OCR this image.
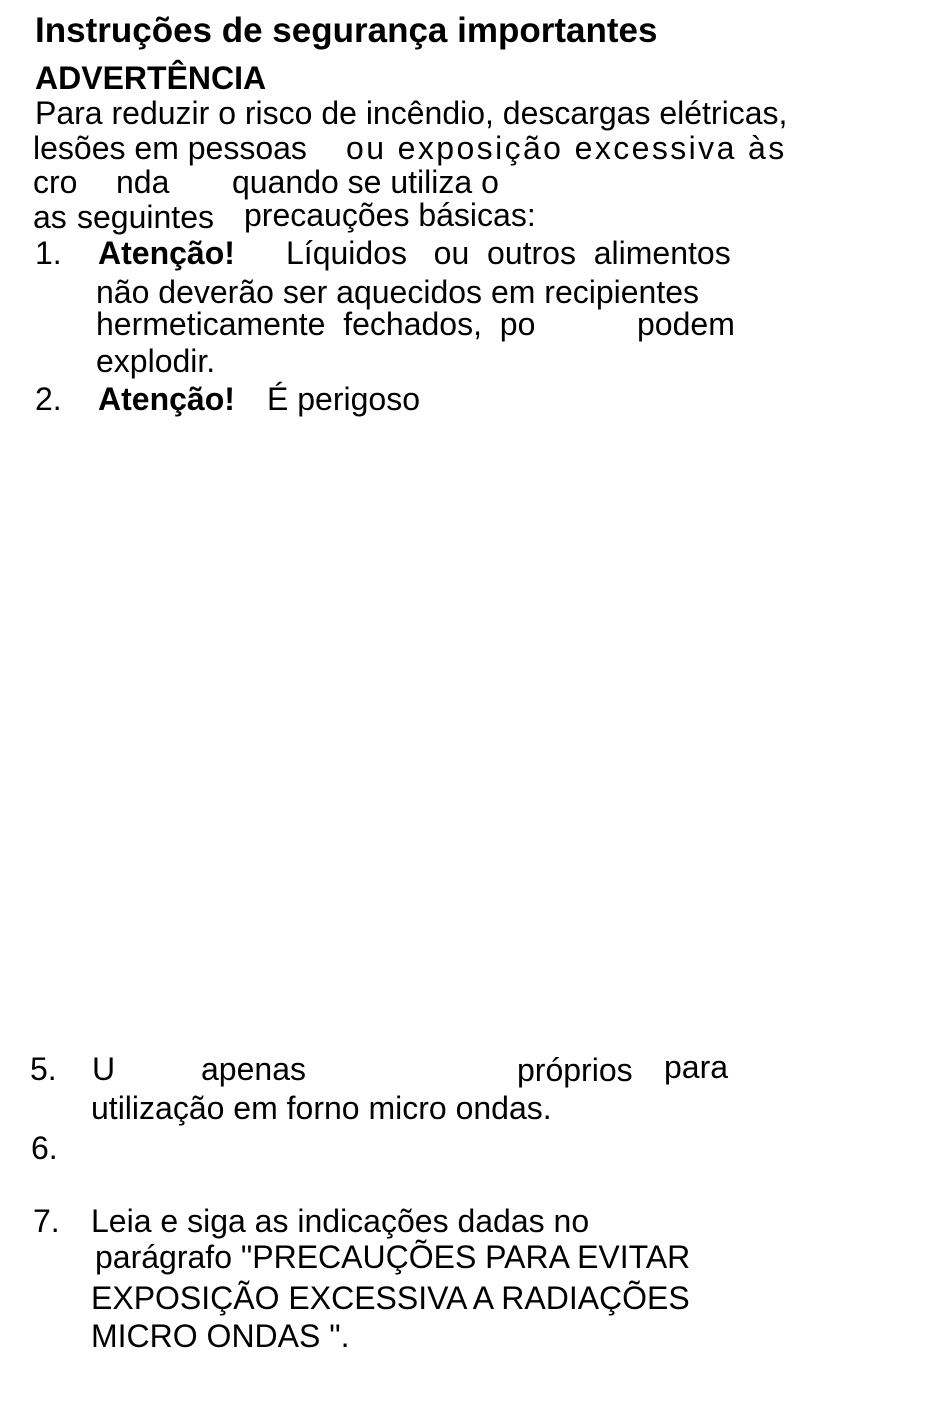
Instruções de segurança importantes
ADVERTÊNCIA
Para reduzir o risco de incêndio, descargas elétricas,
lesões em pessoas ou exposição excessiva às
cro nda quando se utiliza o
as seguintes precauções básicas:
1. Atenção! Líquidos   ou  outros  alimentos
não deverão ser aquecidos em recipientes
hermeticamente  fechados,  po	podem
explodir.
2. Atenção! É perigoso
5. U	apenas	próprios para
utilização em forno micro ondas.
6.
7. Leia e siga as indicações dadas no
parágrafo "PRECAUÇÕES PARA EVITAR
EXPOSIÇÃO EXCESSIVA A RADIAÇÕES
MICRO ONDAS ".
